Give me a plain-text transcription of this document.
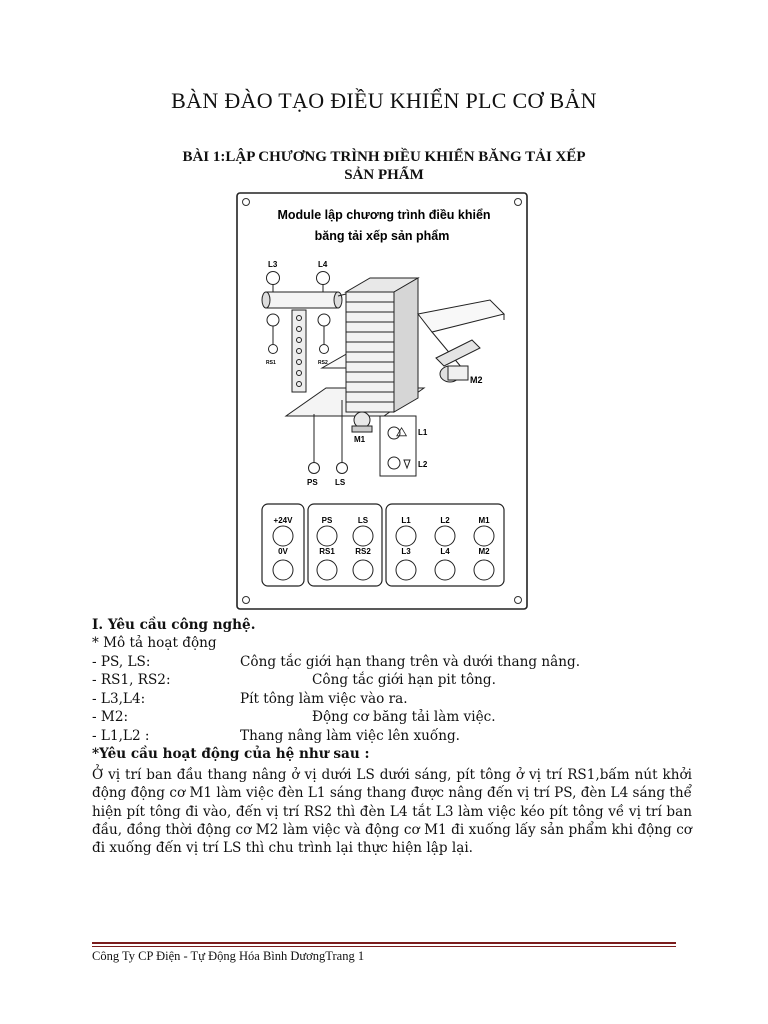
BÀN ĐÀO TẠO ĐIỀU KHIỂN PLC CƠ BẢN
BÀI 1:LẬP CHƯƠNG TRÌNH ĐIỀU KHIỂN BĂNG TẢI XẾP
SẢN PHẨM
Module lập chương trình điều khiển
băng tải xếp sản phẩm
L3	L4
RS1	RS2
M2
M1
L1
L2
PS LS
+24V
0V
PS	LS
RS1	RS2
L1	L2	M1
L3	L4	M2
I. Yêu cầu công nghệ.
* Mô tả hoạt động
- PS, LS:	Công tắc giới hạn thang trên và dưới thang nâng.
- RS1, RS2:	Công tắc giới hạn pit tông.
- L3,L4:	Pít tông làm việc vào ra.
- M2:	Động cơ băng tải làm việc.
- L1,L2 :	Thang nâng làm việc lên xuống.
*Yêu cầu hoạt động của hệ như sau :
Ở vị trí ban đầu thang nâng ở vị dưới LS dưới sáng, pít tông ở vị trí RS1,bấm nút khởi động động cơ M1 làm việc đèn L1 sáng thang được nâng đến vị trí PS, đèn L4 sáng thể hiện pít tông đi vào, đến vị trí RS2 thì đèn L4 tắt L3 làm việc kéo pít tông về vị trí ban đầu, đồng thời động cơ M2 làm việc và động cơ M1 đi xuống lấy sản phẩm khi động cơ đi xuống đến vị trí LS thì chu trình lại thực hiện lập lại.
Công Ty CP Điện - Tự Động Hóa Bình DươngTrang 1
